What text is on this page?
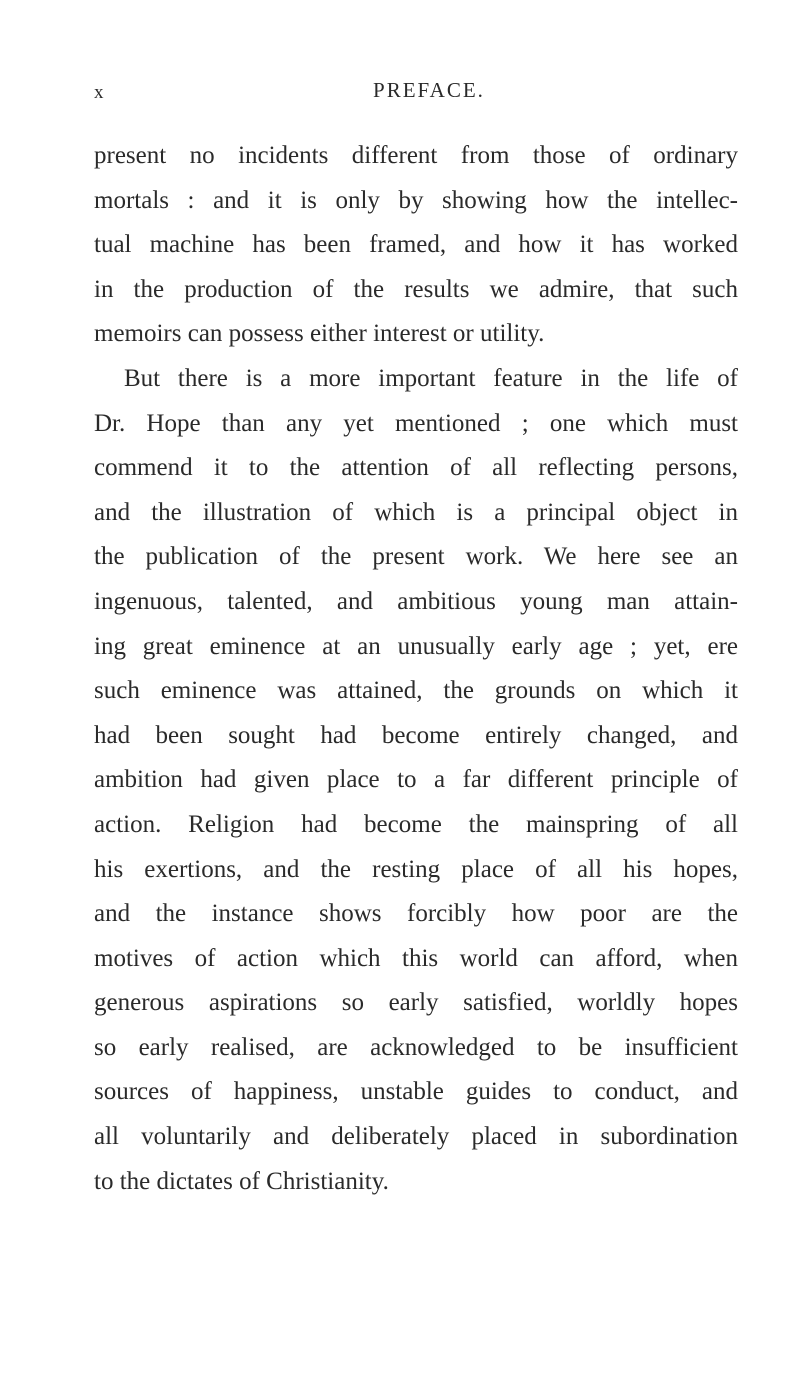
x	PREFACE.
present no incidents different from those of ordinary
mortals : and it is only by showing how the intellec-
tual machine has been framed, and how it has worked
in the production of the results we admire, that such
memoirs can possess either interest or utility.
But there is a more important feature in the life of
Dr. Hope than any yet mentioned ; one which must
commend it to the attention of all reflecting persons,
and the illustration of which is a principal object in
the publication of the present work. We here see an
ingenuous, talented, and ambitious young man attain-
ing great eminence at an unusually early age ; yet, ere
such eminence was attained, the grounds on which it
had been sought had become entirely changed, and
ambition had given place to a far different principle of
action. Religion had become the mainspring of all
his exertions, and the resting place of all his hopes,
and the instance shows forcibly how poor are the
motives of action which this world can afford, when
generous aspirations so early satisfied, worldly hopes
so early realised, are acknowledged to be insufficient
sources of happiness, unstable guides to conduct, and
all voluntarily and deliberately placed in subordination
to the dictates of Christianity.
